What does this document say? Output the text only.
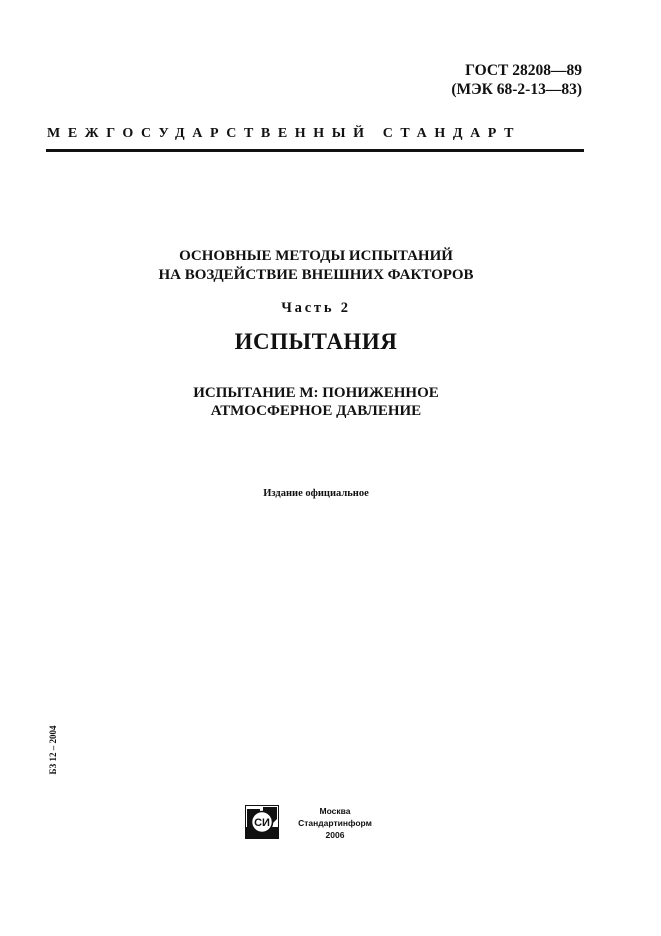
ГОСТ 28208—89
(МЭК 68-2-13—83)
МЕЖГОСУДАРСТВЕННЫЙ СТАНДАРТ
ОСНОВНЫЕ МЕТОДЫ ИСПЫТАНИЙ
НА ВОЗДЕЙСТВИЕ ВНЕШНИХ ФАКТОРОВ
Часть 2
ИСПЫТАНИЯ
ИСПЫТАНИЕ М: ПОНИЖЕННОЕ
АТМОСФЕРНОЕ ДАВЛЕНИЕ
Издание официальное
БЗ 12 – 2004
СИ
Москва
Стандартинформ
2006
